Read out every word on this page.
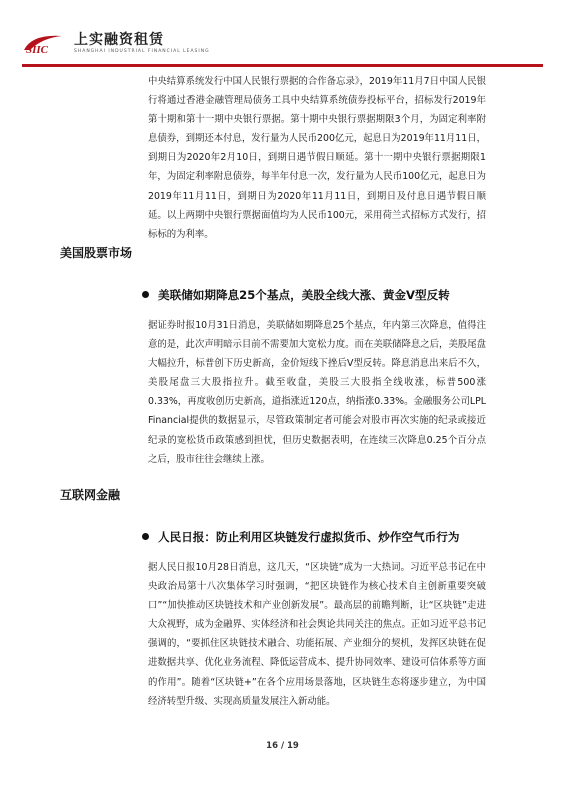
SIIC
上实融资租赁
SHANGHAI INDUSTRIAL FINANCIAL LEASING

中央结算系统发行中国人民银行票据的合作备忘录》，2019年11月7日中国人民银行将通过香港金融管理局债务工具中央结算系统债券投标平台，招标发行2019年第十期和第十一期中央银行票据。第十期中央银行票据期限3个月，为固定利率附息债券，到期还本付息，发行量为人民币200亿元，起息日为2019年11月11日，到期日为2020年2月10日，到期日遇节假日顺延。第十一期中央银行票据期限1年，为固定利率附息债券，每半年付息一次，发行量为人民币100亿元，起息日为2019年11月11日，到期日为2020年11月11日，到期日及付息日遇节假日顺延。以上两期中央银行票据面值均为人民币100元，采用荷兰式招标方式发行，招标标的为利率。

美国股票市场
美联储如期降息25个基点，美股全线大涨、黄金V型反转

据证券时报10月31日消息，美联储如期降息25个基点，年内第三次降息，值得注意的是，此次声明暗示目前不需要加大宽松力度。而在美联储降息之后，美股尾盘大幅拉升，标普创下历史新高，金价短线下挫后V型反转。降息消息出来后不久，美股尾盘三大股指拉升。截至收盘，美股三大股指全线收涨，标普500涨0.33%，再度收创历史新高，道指涨近120点，纳指涨0.33%。金融服务公司LPL Financial提供的数据显示，尽管政策制定者可能会对股市再次实施的纪录或接近纪录的宽松货币政策感到担忧，但历史数据表明，在连续三次降息0.25个百分点之后，股市往往会继续上涨。

互联网金融
人民日报：防止利用区块链发行虚拟货币、炒作空气币行为

据人民日报10月28日消息，这几天，“区块链”成为一大热词。习近平总书记在中央政治局第十八次集体学习时强调，“把区块链作为核心技术自主创新重要突破口”“加快推动区块链技术和产业创新发展”。最高层的前瞻判断，让“区块链”走进大众视野，成为金融界、实体经济和社会舆论共同关注的焦点。正如习近平总书记强调的，“要抓住区块链技术融合、功能拓展、产业细分的契机，发挥区块链在促进数据共享、优化业务流程、降低运营成本、提升协同效率、建设可信体系等方面的作用”。随着“区块链+”在各个应用场景落地，区块链生态将逐步建立，为中国经济转型升级、实现高质量发展注入新动能。

16 / 19
